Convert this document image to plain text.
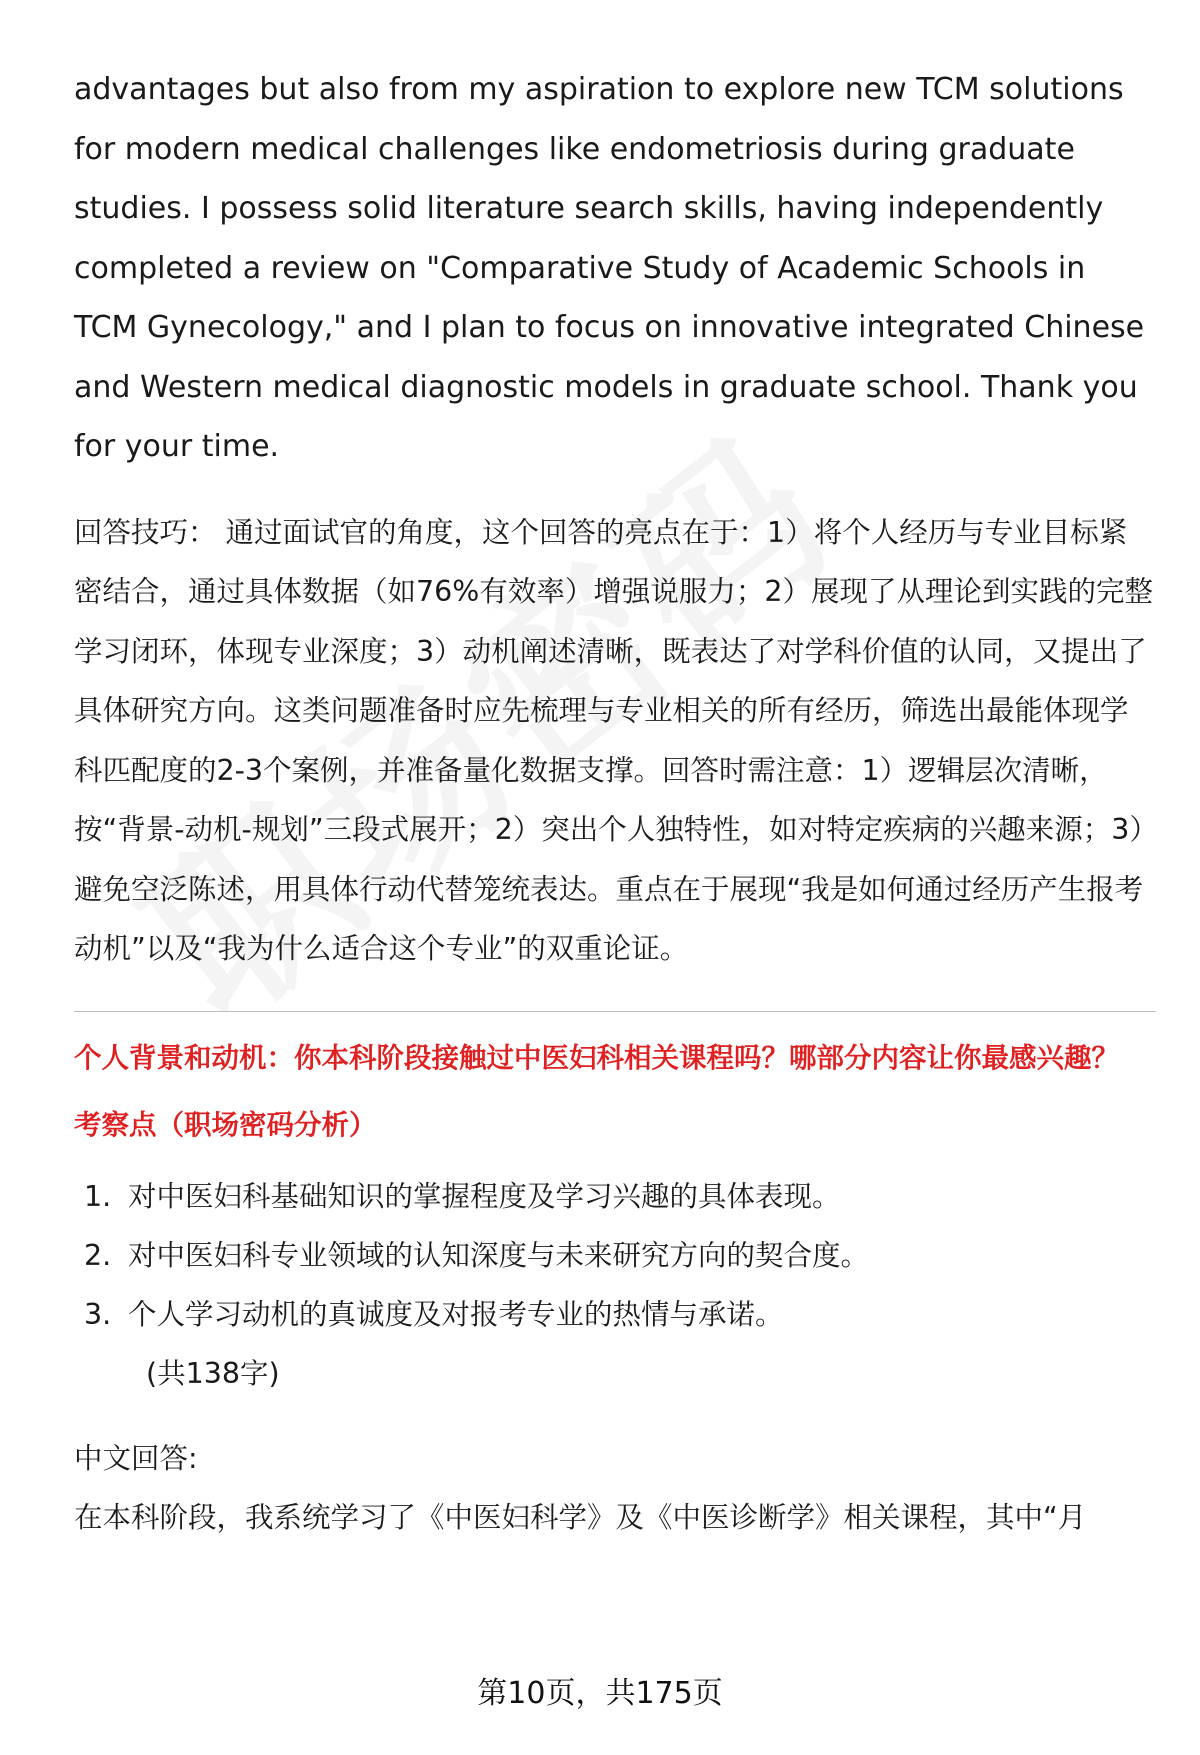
advantages but also from my aspiration to explore new TCM solutions for modern medical challenges like endometriosis during graduate studies. I possess solid literature search skills, having independently completed a review on "Comparative Study of Academic Schools in TCM Gynecology," and I plan to focus on innovative integrated Chinese and Western medical diagnostic models in graduate school. Thank you for your time.

回答技巧： 通过面试官的角度，这个回答的亮点在于：1）将个人经历与专业目标紧密结合，通过具体数据（如76%有效率）增强说服力；2）展现了从理论到实践的完整学习闭环，体现专业深度；3）动机阐述清晰，既表达了对学科价值的认同，又提出了具体研究方向。这类问题准备时应先梳理与专业相关的所有经历，筛选出最能体现学科匹配度的2-3个案例，并准备量化数据支撑。回答时需注意：1）逻辑层次清晰，按“背景-动机-规划”三段式展开；2）突出个人独特性，如对特定疾病的兴趣来源；3）避免空泛陈述，用具体行动代替笼统表达。重点在于展现“我是如何通过经历产生报考动机”以及“我为什么适合这个专业”的双重论证。

个人背景和动机：你本科阶段接触过中医妇科相关课程吗？哪部分内容让你最感兴趣？

考察点（职场密码分析）

1. 对中医妇科基础知识的掌握程度及学习兴趣的具体表现。
2. 对中医妇科专业领域的认知深度与未来研究方向的契合度。
3. 个人学习动机的真诚度及对报考专业的热情与承诺。

(共138字)

中文回答:

在本科阶段，我系统学习了《中医妇科学》及《中医诊断学》相关课程，其中“月

第10页，共175页
